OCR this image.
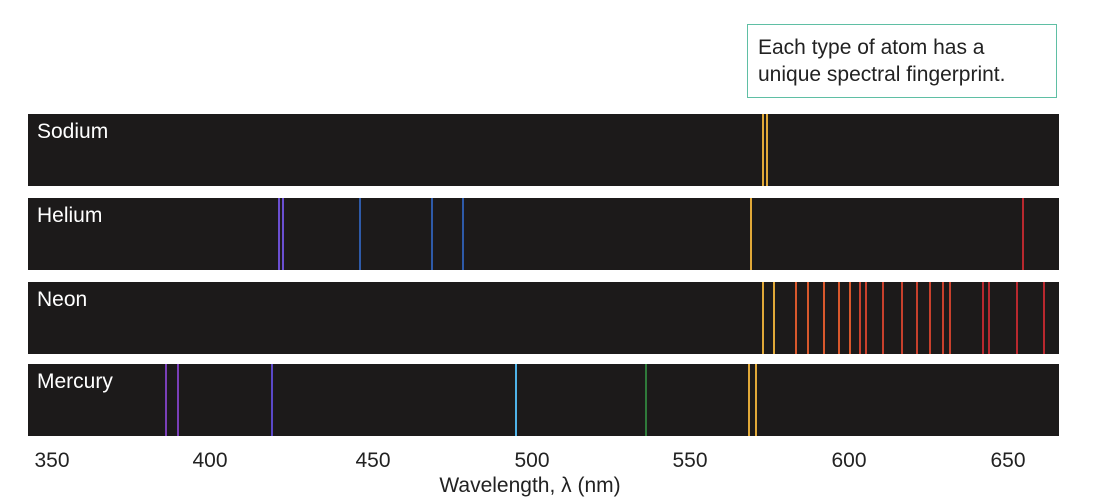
Each type of atom has a
unique spectral fingerprint.
Sodium
Helium
Neon
Mercury
350	400	450	500	550	600	650
Wavelength, λ (nm)
